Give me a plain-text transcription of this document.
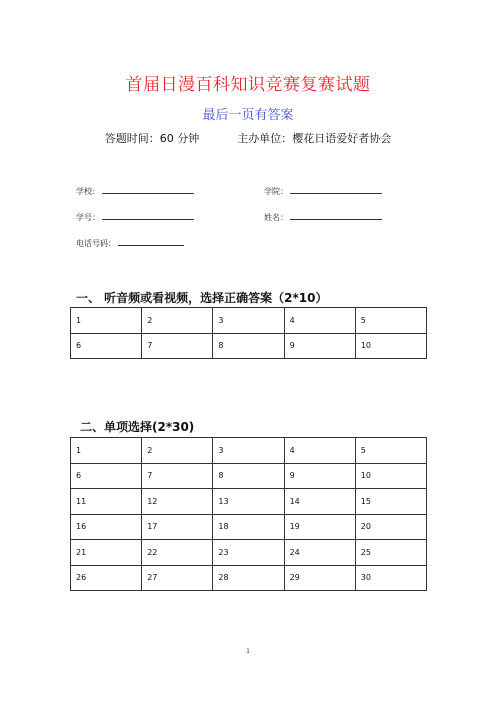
首届日漫百科知识竞赛复赛试题
最后一页有答案
答题时间：60 分钟	主办单位：樱花日语爱好者协会
学校：	学院：
学号：	姓名：
电话号码：
一、 听音频或看视频，选择正确答案（2*10）
1	2	3	4	5
6	7	8	9	10
二、单项选择(2*30)
1	2	3	4	5
6	7	8	9	10
11	12	13	14	15
16	17	18	19	20
21	22	23	24	25
26	27	28	29	30
1
